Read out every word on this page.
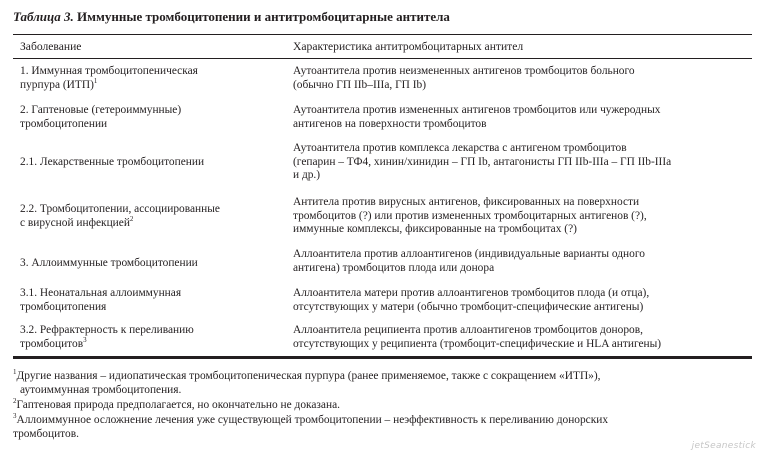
Таблица 3. Иммунные тромбоцитопении и антитромбоцитарные антитела
Заболевание	Характеристика антитромбоцитарных антител
1. Иммунная тромбоцитопеническая
пурпура (ИТП)$^1$
Аутоантитела против неизмененных антигенов тромбоцитов больного
(обычно ГП IIb–IIIa, ГП Ib)
2. Гаптеновые (гетероиммунные)
тромбоцитопении
Аутоантитела против измененных антигенов тромбоцитов или чужеродных
антигенов на поверхности тромбоцитов
2.1. Лекарственные тромбоцитопении
Аутоантитела против комплекса лекарства с антигеном тромбоцитов
(гепарин – ТФ4, хинин/хинидин – ГП Ib, антагонисты ГП IIb-IIIa – ГП IIb-IIIa
и др.)
2.2. Тромбоцитопении, ассоциированные
с вирусной инфекцией$^2$
Антитела против вирусных антигенов, фиксированных на поверхности
тромбоцитов (?) или против измененных тромбоцитарных антигенов (?),
иммунные комплексы, фиксированные на тромбоцитах (?)
3. Аллоиммунные тромбоцитопении
Аллоантитела против аллоантигенов (индивидуальные варианты одного
антигена) тромбоцитов плода или донора
3.1. Неонатальная аллоиммунная
тромбоцитопения
Аллоантитела матери против аллоантигенов тромбоцитов плода (и отца),
отсутствующих у матери (обычно тромбоцит-специфические антигены)
3.2. Рефрактерность к переливанию
тромбоцитов$^3$
Аллоантитела реципиента против аллоантигенов тромбоцитов доноров,
отсутствующих у реципиента (тромбоцит-специфические и HLA антигены)
$^1$Другие названия – идиопатическая тромбоцитопеническая пурпура (ранее применяемое, также с сокращением «ИТП»),
аутоиммунная тромбоцитопения.
$^2$Гаптеновая природа предполагается, но окончательно не доказана.
$^3$Аллоиммунное осложнение лечения уже существующей тромбоцитопении – неэффективность к переливанию донорских
тромбоцитов.
jetSeanestick
